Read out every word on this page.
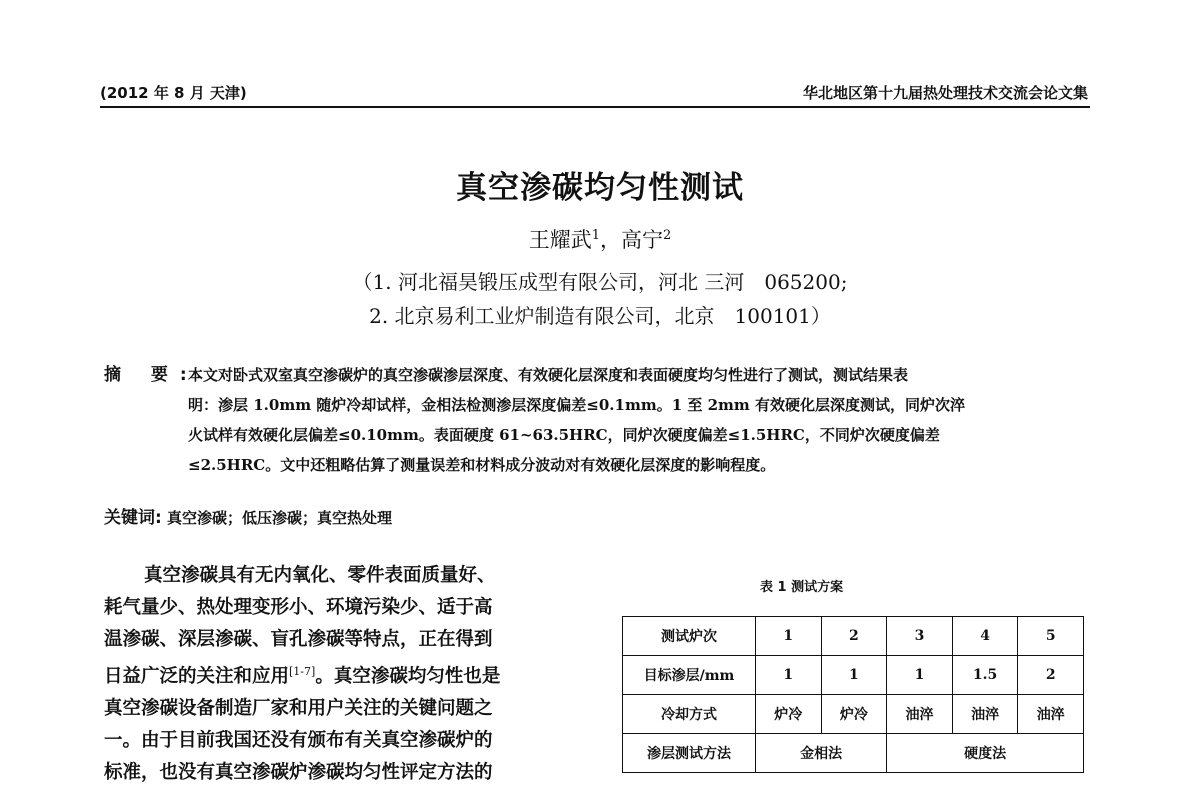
(2012 年 8 月 天津)	华北地区第十九届热处理技术交流会论文集
真空渗碳均匀性测试
王耀武$^1$，高宁$^2$
（1. 河北福昊锻压成型有限公司，河北 三河　065200;
2. 北京易利工业炉制造有限公司，北京　100101）
摘 要:
本文对卧式双室真空渗碳炉的真空渗碳渗层深度、有效硬化层深度和表面硬度均匀性进行了测试，测试结果表
明：渗层 1.0mm 随炉冷却试样，金相法检测渗层深度偏差≤0.1mm。1 至 2mm 有效硬化层深度测试，同炉次淬
火试样有效硬化层偏差≤0.10mm。表面硬度 61~63.5HRC，同炉次硬度偏差≤1.5HRC，不同炉次硬度偏差
≤2.5HRC。文中还粗略估算了测量误差和材料成分波动对有效硬化层深度的影响程度。
关键词: 真空渗碳；低压渗碳；真空热处理
真空渗碳具有无内氧化、零件表面质量好、
耗气量少、热处理变形小、环境污染少、适于高
温渗碳、深层渗碳、盲孔渗碳等特点，正在得到
日益广泛的关注和应用[1-7]。真空渗碳均匀性也是
真空渗碳设备制造厂家和用户关注的关键问题之
一。由于目前我国还没有颁布有关真空渗碳炉的
标准，也没有真空渗碳炉渗碳均匀性评定方法的
表 1 测试方案
测试炉次	1	2	3	4	5
目标渗层/mm	1	1	1	1.5	2
冷却方式	炉冷	炉冷	油淬	油淬	油淬
渗层测试方法	金相法		硬度法		
